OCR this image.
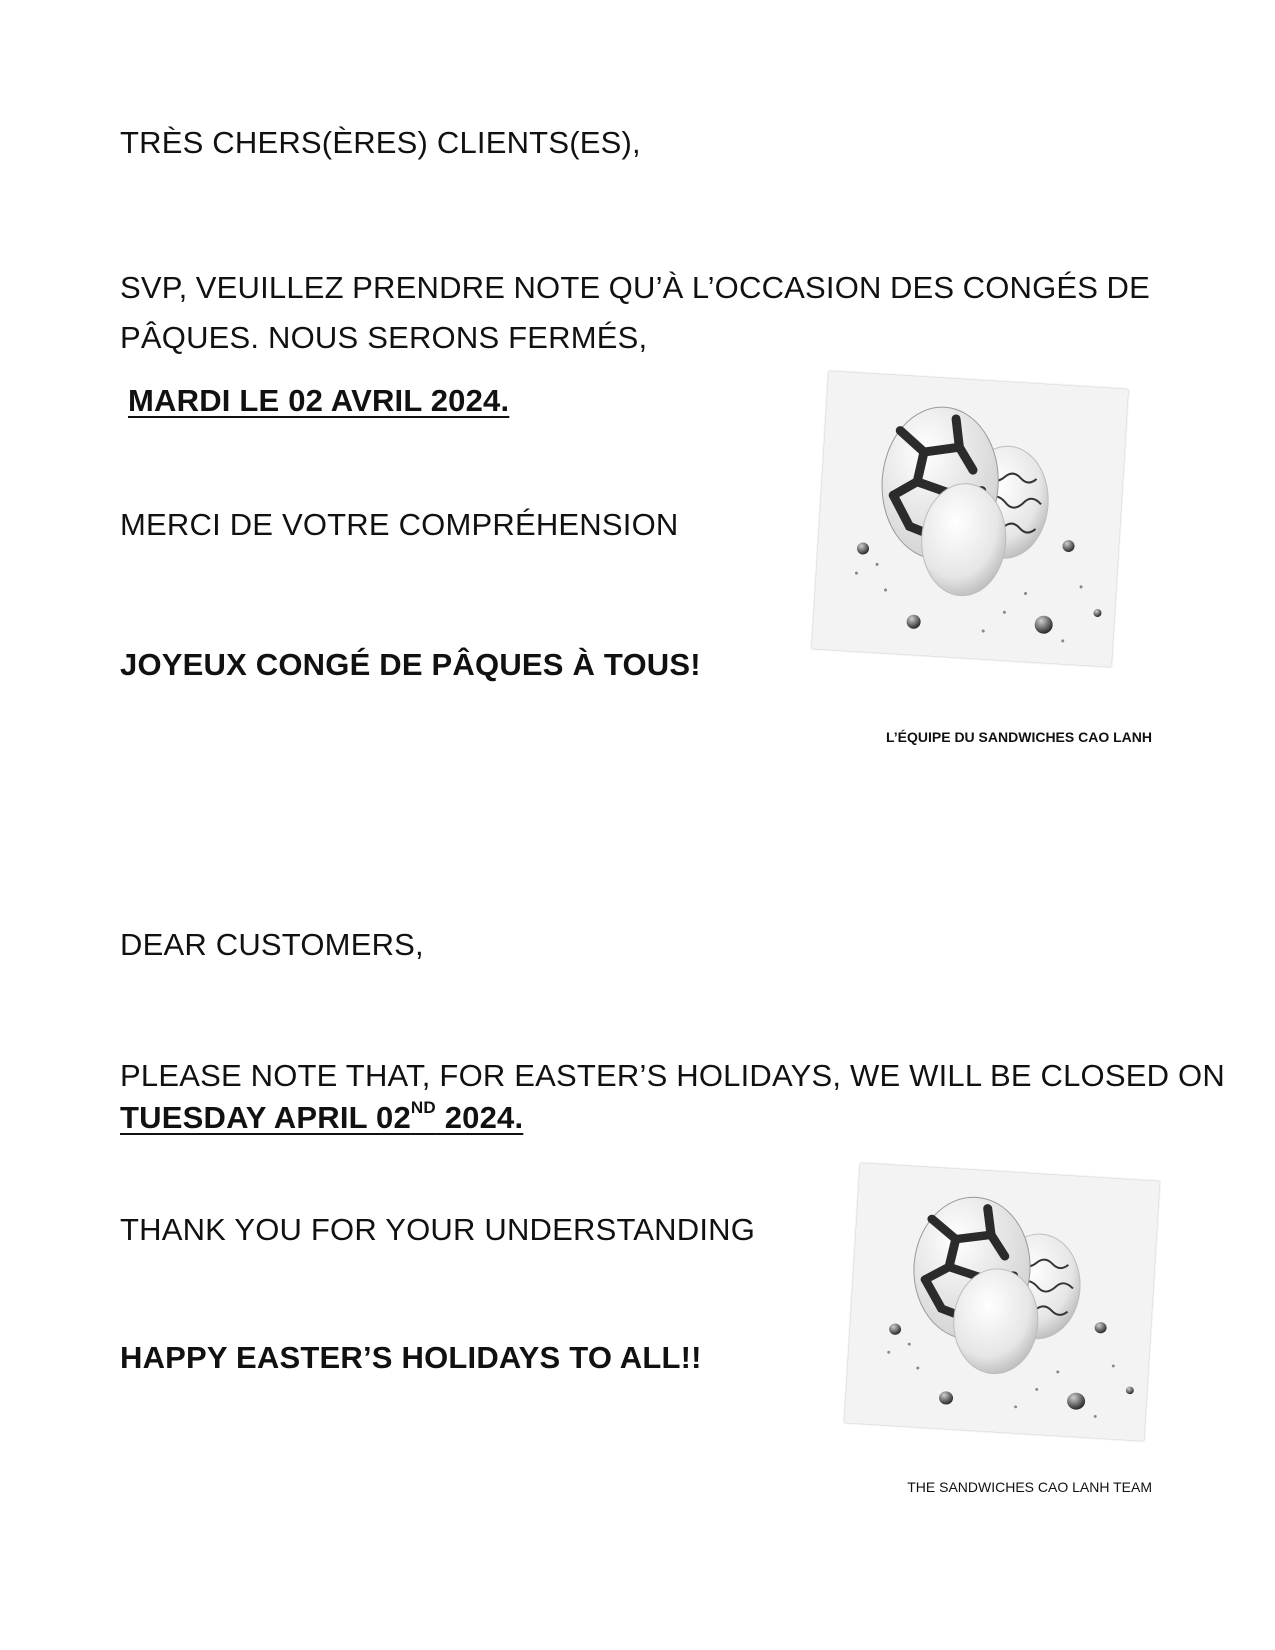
TRÈS CHERS(ÈRES) CLIENTS(ES),

SVP, VEUILLEZ PRENDRE NOTE QU’À L’OCCASION DES CONGÉS DE

PÂQUES. NOUS SERONS FERMÉS,

MARDI LE 02 AVRIL 2024.

MERCI DE VOTRE COMPRÉHENSION

JOYEUX CONGÉ DE PÂQUES À TOUS!

L’ÉQUIPE DU SANDWICHES CAO LANH

DEAR CUSTOMERS,

PLEASE NOTE THAT, FOR EASTER’S HOLIDAYS, WE WILL BE CLOSED ON

TUESDAY APRIL 02ND 2024.

THANK YOU FOR YOUR UNDERSTANDING

HAPPY EASTER’S HOLIDAYS TO ALL!!

THE SANDWICHES CAO LANH TEAM
